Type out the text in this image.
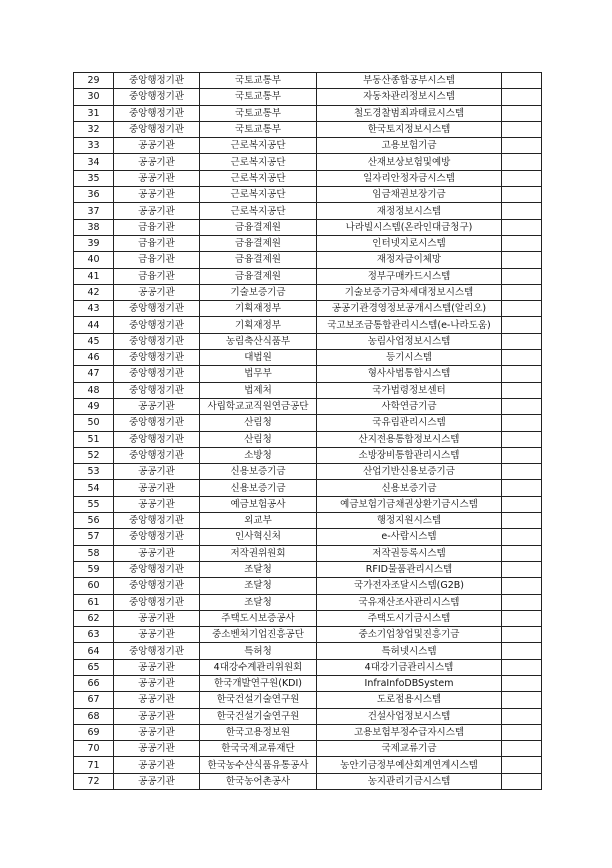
29	중앙행정기관	국토교통부	부동산종합공부시스템	
30	중앙행정기관	국토교통부	자동차관리정보시스템	
31	중앙행정기관	국토교통부	철도경찰범죄과태료시스템	
32	중앙행정기관	국토교통부	한국토지정보시스템	
33	공공기관	근로복지공단	고용보험기금	
34	공공기관	근로복지공단	산재보상보험및예방	
35	공공기관	근로복지공단	일자리안정자금시스템	
36	공공기관	근로복지공단	임금채권보장기금	
37	공공기관	근로복지공단	재정정보시스템	
38	금융기관	금융결제원	나라빌시스템(온라인대금청구)	
39	금융기관	금융결제원	인터넷지로시스템	
40	금융기관	금융결제원	재정자금이체망	
41	금융기관	금융결제원	정부구매카드시스템	
42	공공기관	기술보증기금	기술보증기금차세대정보시스템	
43	중앙행정기관	기획재정부	공공기관경영정보공개시스템(알리오)	
44	중앙행정기관	기획재정부	국고보조금통합관리시스템(e-나라도움)	
45	중앙행정기관	농림축산식품부	농림사업정보시스템	
46	중앙행정기관	대법원	등기시스템	
47	중앙행정기관	법무부	형사사법통합시스템	
48	중앙행정기관	법제처	국가법령정보센터	
49	공공기관	사립학교교직원연금공단	사학연금기금	
50	중앙행정기관	산림청	국유림관리시스템	
51	중앙행정기관	산림청	산지전용통합정보시스템	
52	중앙행정기관	소방청	소방장비통합관리시스템	
53	공공기관	신용보증기금	산업기반신용보증기금	
54	공공기관	신용보증기금	신용보증기금	
55	공공기관	예금보험공사	예금보험기금채권상환기금시스템	
56	중앙행정기관	외교부	행정지원시스템	
57	중앙행정기관	인사혁신처	e-사람시스템	
58	공공기관	저작권위원회	저작권등록시스템	
59	중앙행정기관	조달청	RFID물품관리시스템	
60	중앙행정기관	조달청	국가전자조달시스템(G2B)	
61	중앙행정기관	조달청	국유재산조사관리시스템	
62	공공기관	주택도시보증공사	주택도시기금시스템	
63	공공기관	중소벤처기업진흥공단	중소기업창업및진흥기금	
64	중앙행정기관	특허청	특허넷시스템	
65	공공기관	4대강수계관리위원회	4대강기금관리시스템	
66	공공기관	한국개발연구원(KDI)	InfraInfoDBSystem	
67	공공기관	한국건설기술연구원	도로점용시스템	
68	공공기관	한국건설기술연구원	건설사업정보시스템	
69	공공기관	한국고용정보원	고용보험부정수급자시스템	
70	공공기관	한국국제교류재단	국제교류기금	
71	공공기관	한국농수산식품유통공사	농안기금정부예산회계연계시스템	
72	공공기관	한국농어촌공사	농지관리기금시스템	
